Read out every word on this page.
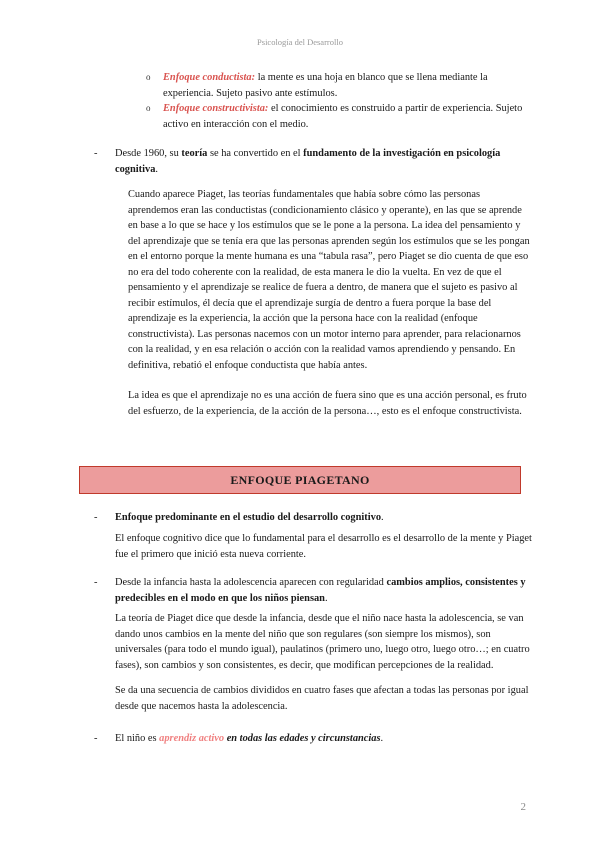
Psicología del Desarrollo
o Enfoque conductista: la mente es una hoja en blanco que se llena mediante la experiencia. Sujeto pasivo ante estímulos.
o Enfoque constructivista: el conocimiento es construido a partir de experiencia. Sujeto activo en interacción con el medio.
- Desde 1960, su teoría se ha convertido en el fundamento de la investigación en psicología cognitiva.

Cuando aparece Piaget, las teorías fundamentales que había sobre cómo las personas aprendemos eran las conductistas (condicionamiento clásico y operante), en las que se aprende en base a lo que se hace y los estímulos que se le pone a la persona. La idea del pensamiento y del aprendizaje que se tenía era que las personas aprenden según los estímulos que se les pongan en el entorno porque la mente humana es una “tabula rasa”, pero Piaget se dio cuenta de que eso no era del todo coherente con la realidad, de esta manera le dio la vuelta. En vez de que el pensamiento y el aprendizaje se realice de fuera a dentro, de manera que el sujeto es pasivo al recibir estímulos, él decía que el aprendizaje surgía de dentro a fuera porque la base del aprendizaje es la experiencia, la acción que la persona hace con la realidad (enfoque constructivista). Las personas nacemos con un motor interno para aprender, para relacionarnos con la realidad, y en esa relación o acción con la realidad vamos aprendiendo y pensando. En definitiva, rebatió el enfoque conductista que había antes.

La idea es que el aprendizaje no es una acción de fuera sino que es una acción personal, es fruto del esfuerzo, de la experiencia, de la acción de la persona…, esto es el enfoque constructivista.

ENFOQUE PIAGETANO
- Enfoque predominante en el estudio del desarrollo cognitivo.

El enfoque cognitivo dice que lo fundamental para el desarrollo es el desarrollo de la mente y Piaget fue el primero que inició esta nueva corriente.

- Desde la infancia hasta la adolescencia aparecen con regularidad cambios amplios, consistentes y predecibles en el modo en que los niños piensan.

La teoría de Piaget dice que desde la infancia, desde que el niño nace hasta la adolescencia, se van dando unos cambios en la mente del niño que son regulares (son siempre los mismos), son universales (para todo el mundo igual), paulatinos (primero uno, luego otro, luego otro…; en cuatro fases), son cambios y son consistentes, es decir, que modifican percepciones de la realidad.

Se da una secuencia de cambios divididos en cuatro fases que afectan a todas las personas por igual desde que nacemos hasta la adolescencia.

- El niño es aprendiz activo en todas las edades y circunstancias.
2
